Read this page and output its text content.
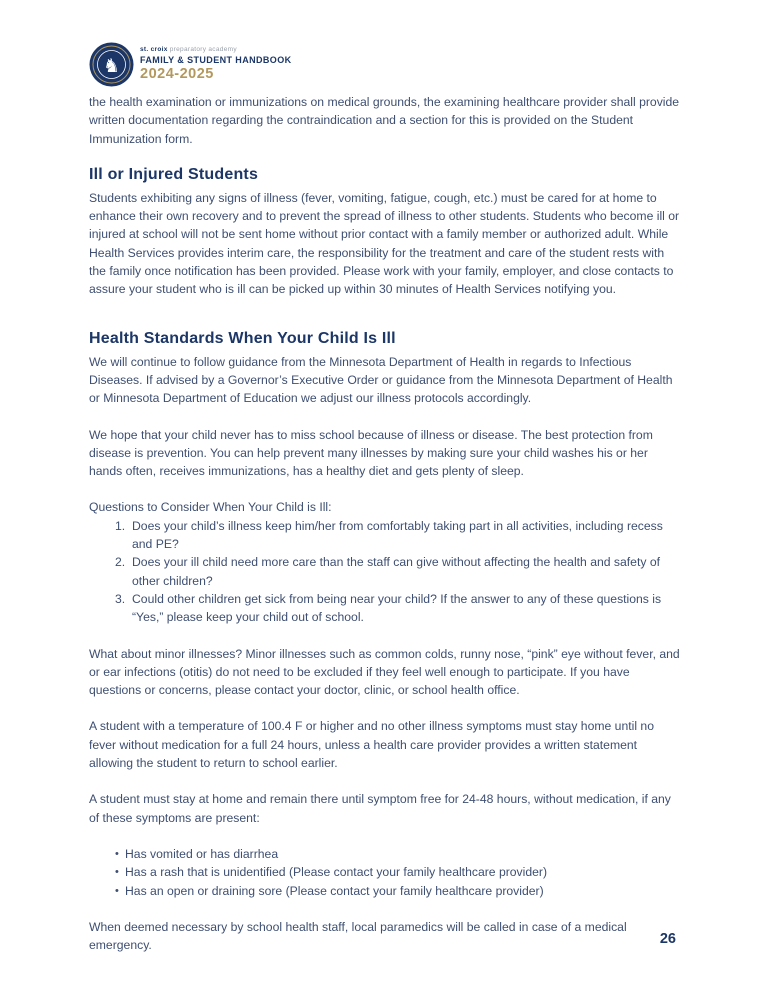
♞
st. croix preparatory academy
FAMILY & STUDENT HANDBOOK
2024-2025

the health examination or immunizations on medical grounds, the examining healthcare provider shall provide written documentation regarding the contraindication and a section for this is provided on the Student Immunization form.

Ill or Injured Students

Students exhibiting any signs of illness (fever, vomiting, fatigue, cough, etc.) must be cared for at home to enhance their own recovery and to prevent the spread of illness to other students. Students who become ill or injured at school will not be sent home without prior contact with a family member or authorized adult. While Health Services provides interim care, the responsibility for the treatment and care of the student rests with the family once notification has been provided. Please work with your family, employer, and close contacts to assure your student who is ill can be picked up within 30 minutes of Health Services notifying you.

Health Standards When Your Child Is Ill

We will continue to follow guidance from the Minnesota Department of Health in regards to Infectious Diseases. If advised by a Governor’s Executive Order or guidance from the Minnesota Department of Health or Minnesota Department of Education we adjust our illness protocols accordingly.

We hope that your child never has to miss school because of illness or disease. The best protection from disease is prevention. You can help prevent many illnesses by making sure your child washes his or her hands often, receives immunizations, has a healthy diet and gets plenty of sleep.

Questions to Consider When Your Child is Ill:

Does your child’s illness keep him/her from comfortably taking part in all activities, including recess and PE?
Does your ill child need more care than the staff can give without affecting the health and safety of other children?
Could other children get sick from being near your child? If the answer to any of these questions is “Yes,” please keep your child out of school.

What about minor illnesses? Minor illnesses such as common colds, runny nose, “pink” eye without fever, and or ear infections (otitis) do not need to be excluded if they feel well enough to participate. If you have questions or concerns, please contact your doctor, clinic, or school health office.

A student with a temperature of 100.4 F or higher and no other illness symptoms must stay home until no fever without medication for a full 24 hours, unless a health care provider provides a written statement allowing the student to return to school earlier.

A student must stay at home and remain there until symptom free for 24-48 hours, without medication, if any of these symptoms are present:

• Has vomited or has diarrhea
• Has a rash that is unidentified (Please contact your family healthcare provider)
• Has an open or draining sore (Please contact your family healthcare provider)

When deemed necessary by school health staff, local paramedics will be called in case of a medical emergency.	26
